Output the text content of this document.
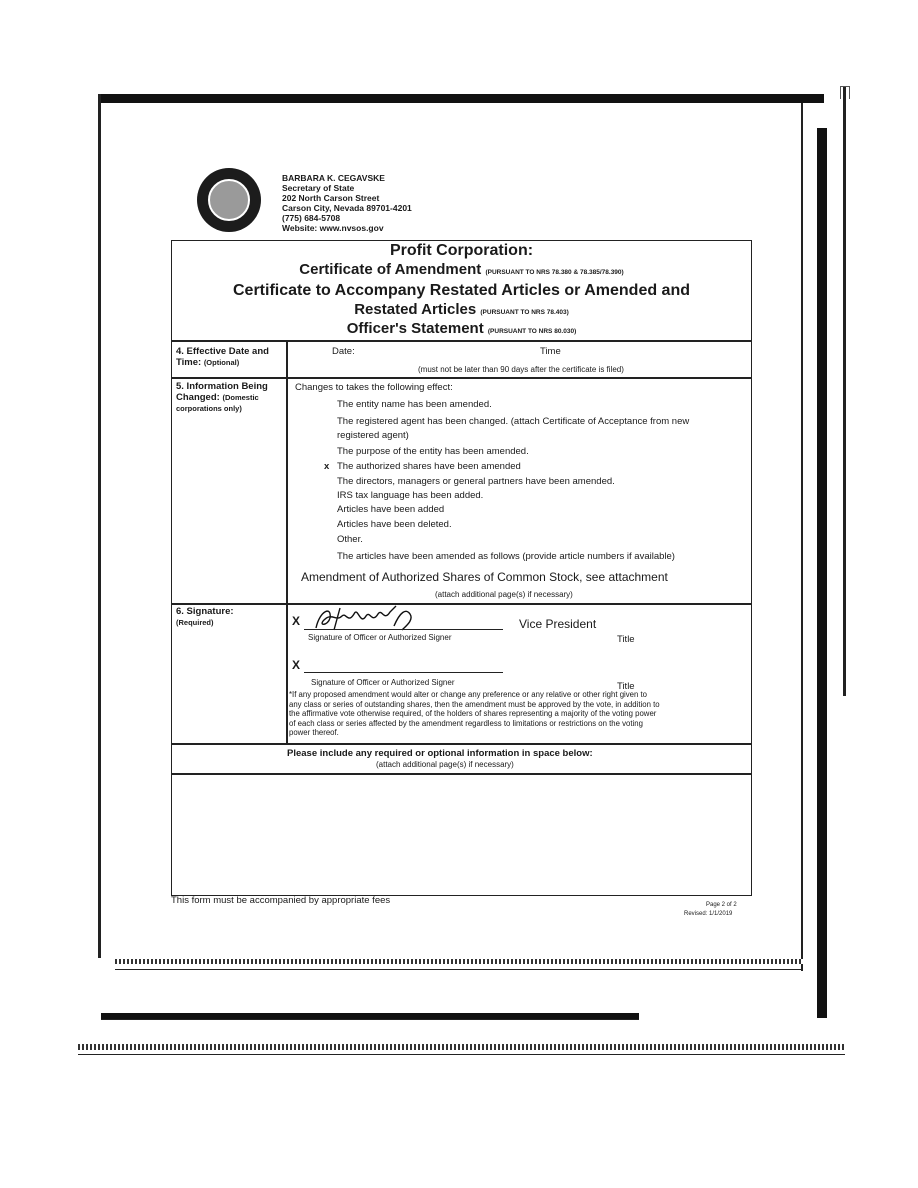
BARBARA K. CEGAVSKE
Secretary of State
202 North Carson Street
Carson City, Nevada 89701-4201
(775) 684-5708
Website: www.nvsos.gov
Profit Corporation:
Certificate of Amendment (PURSUANT TO NRS 78.380 & 78.385/78.390)
Certificate to Accompany Restated Articles or Amended and
Restated Articles (PURSUANT TO NRS 78.403)
Officer's Statement (PURSUANT TO NRS 80.030)
4. Effective Date and Time: (Optional)
Date:	Time
(must not be later than 90 days after the certificate is filed)
5. Information Being Changed: (Domestic corporations only)
Changes to takes the following effect:
The entity name has been amended.
The registered agent has been changed. (attach Certificate of Acceptance from new
registered agent)
The purpose of the entity has been amended.
x The authorized shares have been amended
The directors, managers or general partners have been amended.
IRS tax language has been added.
Articles have been added
Articles have been deleted.
Other.
The articles have been amended as follows (provide article numbers if available)
Amendment of Authorized Shares of Common Stock, see attachment
(attach additional page(s) if necessary)
6. Signature:
(Required)	X	Vice President
Signature of Officer or Authorized Signer	Title
X
Signature of Officer or Authorized Signer	Title
*If any proposed amendment would alter or change any preference or any relative or other right given to
any class or series of outstanding shares, then the amendment must be approved by the vote, in addition to
the affirmative vote otherwise required, of the holders of shares representing a majority of the voting power
of each class or series affected by the amendment regardless to limitations or restrictions on the voting
power thereof.
Please include any required or optional information in space below:
(attach additional page(s) if necessary)
This form must be accompanied by appropriate fees	Page 2 of 2
Revised: 1/1/2019
